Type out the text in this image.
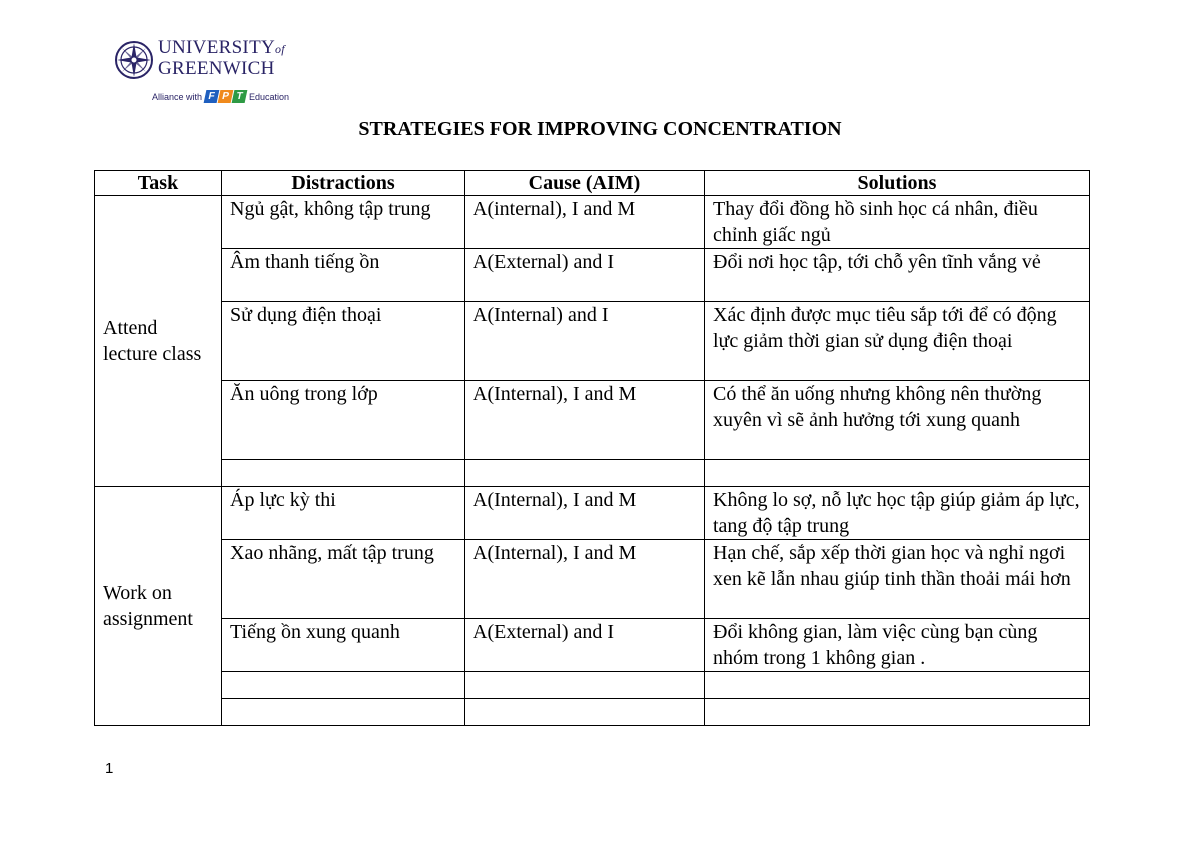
UNIVERSITYof
GREENWICH
Alliance with F P T Education
STRATEGIES FOR IMPROVING CONCENTRATION
Task	Distractions	Cause (AIM)	Solutions
Attend lecture class	Ngủ gật, không tập trung	A(internal), I and M	Thay đổi đồng hồ sinh học cá nhân, điều chỉnh giấc ngủ
	Âm thanh tiếng ồn	A(External) and I	Đổi nơi học tập, tới chỗ yên tĩnh vắng vẻ
	Sử dụng điện thoại	A(Internal) and I	Xác định được mục tiêu sắp tới để có động lực giảm thời gian sử dụng điện thoại
	Ăn uông trong lớp	A(Internal), I and M	Có thể ăn uống nhưng không nên thường xuyên vì sẽ ảnh hưởng tới xung quanh

Work on assignment	Áp lực kỳ thi	A(Internal), I and M	Không lo sợ, nỗ lực học tập giúp giảm áp lực, tang độ tập trung
	Xao nhãng, mất tập trung	A(Internal), I and M	Hạn chế, sắp xếp thời gian học và nghỉ ngơi xen kẽ lẫn nhau giúp tinh thần thoải mái hơn
	Tiếng ồn xung quanh	A(External) and I	Đổi không gian, làm việc cùng bạn cùng nhóm trong 1 không gian .

1
